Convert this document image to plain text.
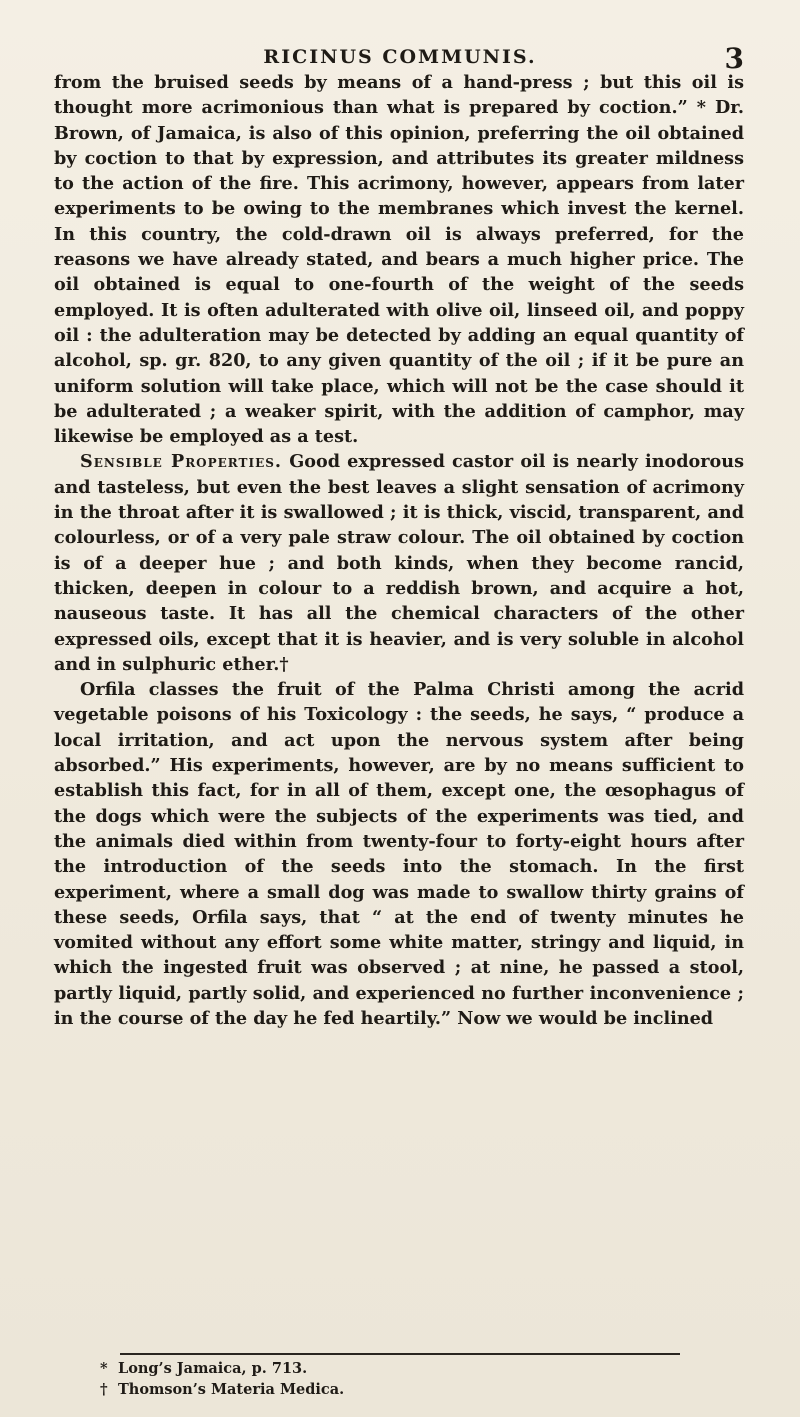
RICINUS COMMUNIS.	3

from the bruised seeds by means of a hand-press ; but this oil is thought more acrimonious than what is prepared by coction.” * Dr. Brown, of Jamaica, is also of this opinion, preferring the oil obtained by coction to that by expression, and attributes its greater mildness to the action of the fire. This acrimony, however, appears from later experiments to be owing to the membranes which invest the kernel. In this country, the cold-drawn oil is always preferred, for the reasons we have already stated, and bears a much higher price. The oil obtained is equal to one-fourth of the weight of the seeds employed. It is often adulterated with olive oil, linseed oil, and poppy oil : the adulteration may be detected by adding an equal quantity of alcohol, sp. gr. 820, to any given quantity of the oil ; if it be pure an uniform solution will take place, which will not be the case should it be adulterated ; a weaker spirit, with the addition of camphor, may likewise be employed as a test.

Sensible Properties. Good expressed castor oil is nearly inodorous and tasteless, but even the best leaves a slight sensation of acrimony in the throat after it is swallowed ; it is thick, viscid, transparent, and colourless, or of a very pale straw colour. The oil obtained by coction is of a deeper hue ; and both kinds, when they become rancid, thicken, deepen in colour to a reddish brown, and acquire a hot, nauseous taste. It has all the chemical characters of the other expressed oils, except that it is heavier, and is very soluble in alcohol and in sulphuric ether.†

Orfila classes the fruit of the Palma Christi among the acrid vegetable poisons of his Toxicology : the seeds, he says, “ produce a local irritation, and act upon the nervous system after being absorbed.” His experiments, however, are by no means sufficient to establish this fact, for in all of them, except one, the œsophagus of the dogs which were the subjects of the experiments was tied, and the animals died within from twenty-four to forty-eight hours after the introduction of the seeds into the stomach. In the first experiment, where a small dog was made to swallow thirty grains of these seeds, Orfila says, that “ at the end of twenty minutes he vomited without any effort some white matter, stringy and liquid, in which the ingested fruit was observed ; at nine, he passed a stool, partly liquid, partly solid, and experienced no further inconvenience ; in the course of the day he fed heartily.” Now we would be inclined

* Long’s Jamaica, p. 713.
† Thomson’s Materia Medica.
